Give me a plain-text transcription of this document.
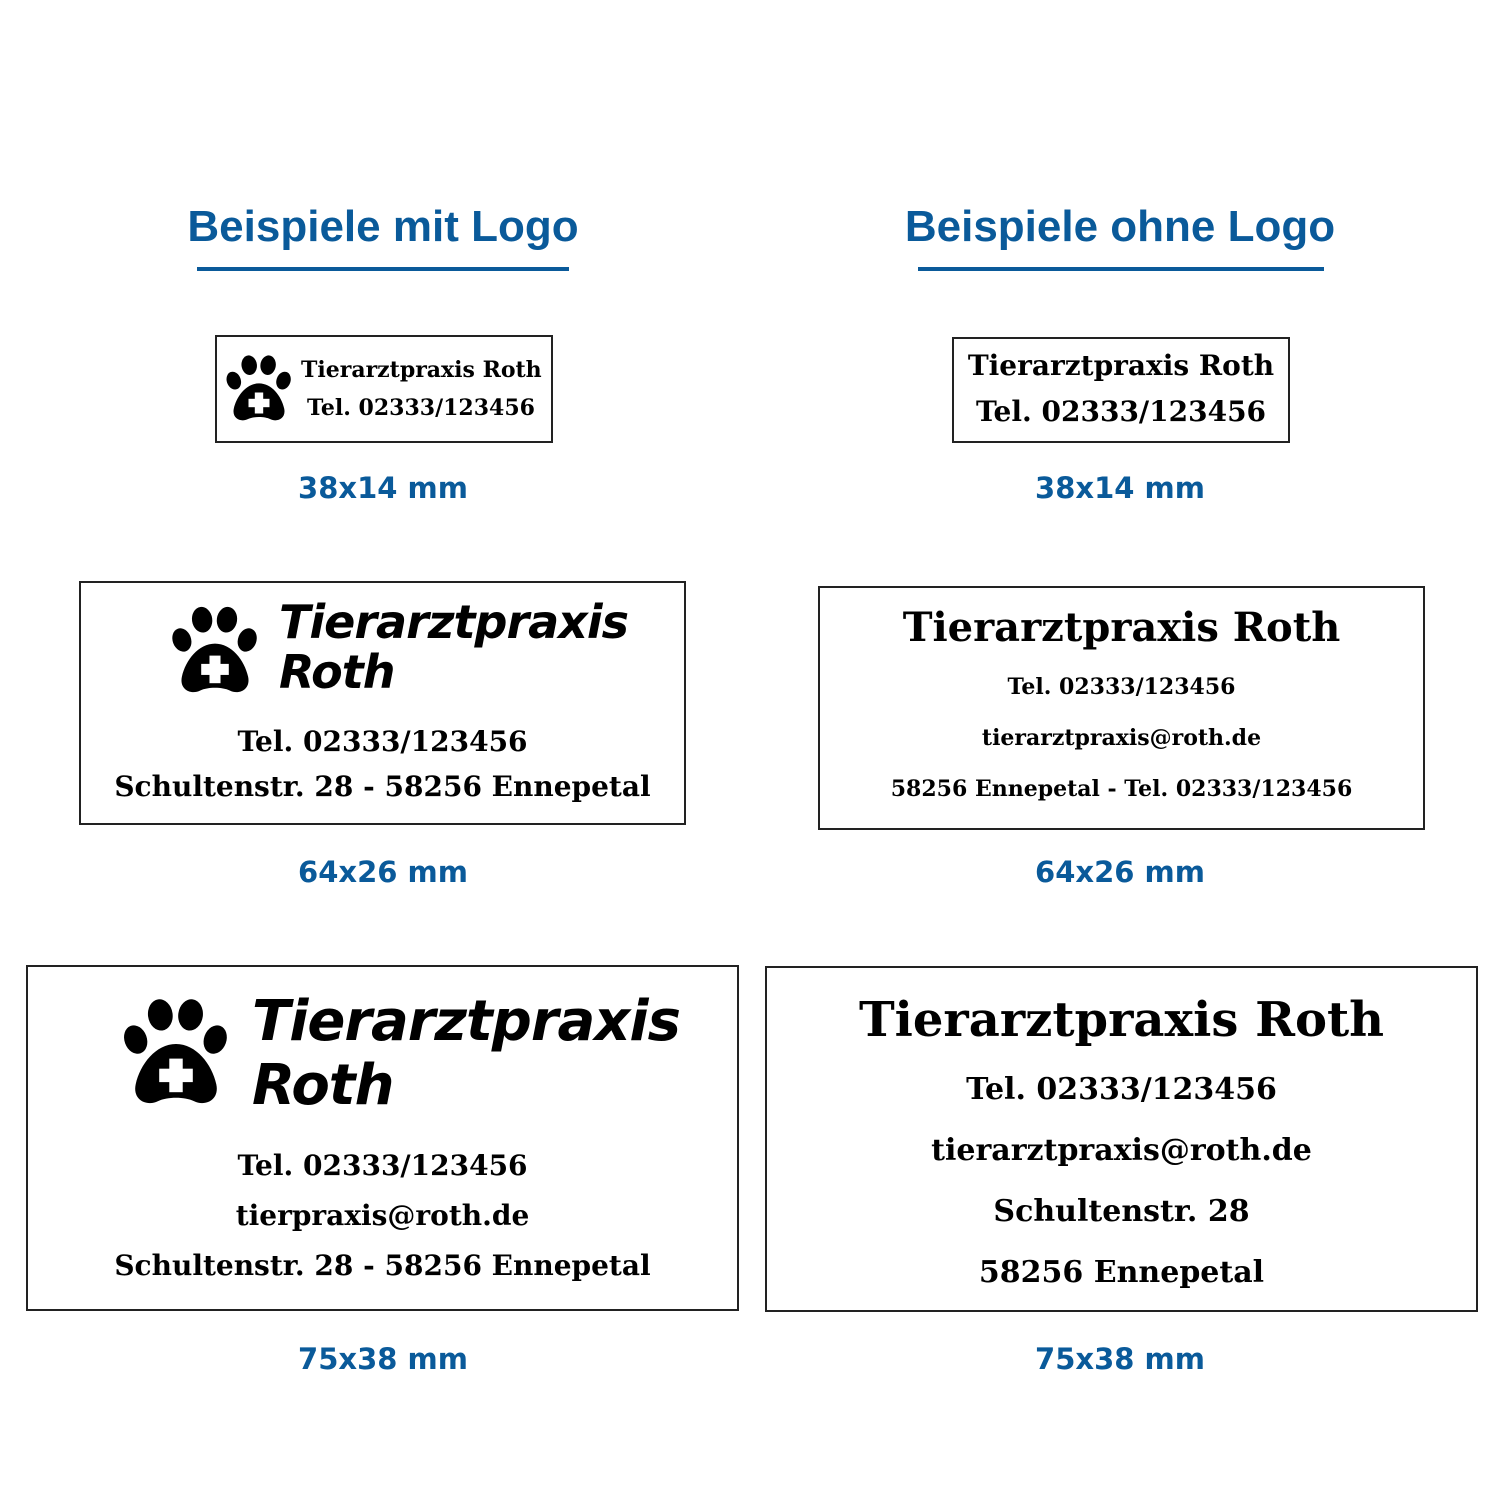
Beispiele mit Logo	Beispiele ohne Logo
Tierarztpraxis Roth
Tel. 02333/123456
38x14 mm
Tierarztpraxis
Roth
Tel. 02333/123456
Schultenstr. 28 - 58256 Ennepetal
64x26 mm
Tierarztpraxis
Roth
Tel. 02333/123456
tierpraxis@roth.de
Schultenstr. 28 - 58256 Ennepetal
75x38 mm
Tierarztpraxis Roth
Tel. 02333/123456
38x14 mm
Tierarztpraxis Roth
Tel. 02333/123456
tierarztpraxis@roth.de
58256 Ennepetal - Tel. 02333/123456
64x26 mm
Tierarztpraxis Roth
Tel. 02333/123456
tierarztpraxis@roth.de
Schultenstr. 28
58256 Ennepetal
75x38 mm
